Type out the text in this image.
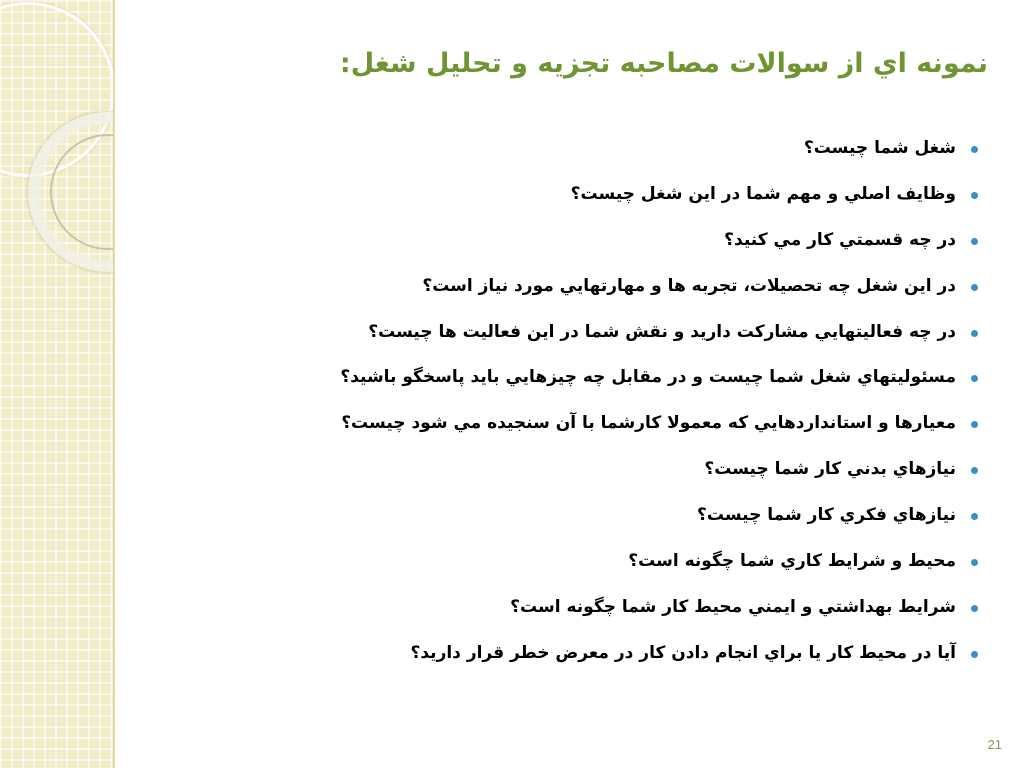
نمونه اي از سوالات مصاحبه تجزيه و تحليل شغل:
شغل شما چيست؟
وظايف اصلي و مهم شما در اين شغل چيست؟
در چه قسمتي كار مي كنيد؟
در اين شغل چه تحصيلات، تجربه ها و مهارتهايي مورد نياز است؟
در چه فعاليتهايي مشاركت داريد و نقش شما در اين فعاليت ها چيست؟
مسئوليتهاي شغل شما چيست و در مقابل چه چيزهايي بايد پاسخگو باشيد؟
معيارها و استانداردهايي كه معمولا كارشما با آن سنجيده مي شود چيست؟
نيازهاي بدني كار شما چيست؟
نيازهاي فكري كار شما چيست؟
محيط و شرايط كاري شما چگونه است؟
شرايط بهداشتي و ايمني محيط كار شما چگونه است؟
آيا در محيط كار يا براي انجام دادن كار در معرض خطر قرار داريد؟
21
